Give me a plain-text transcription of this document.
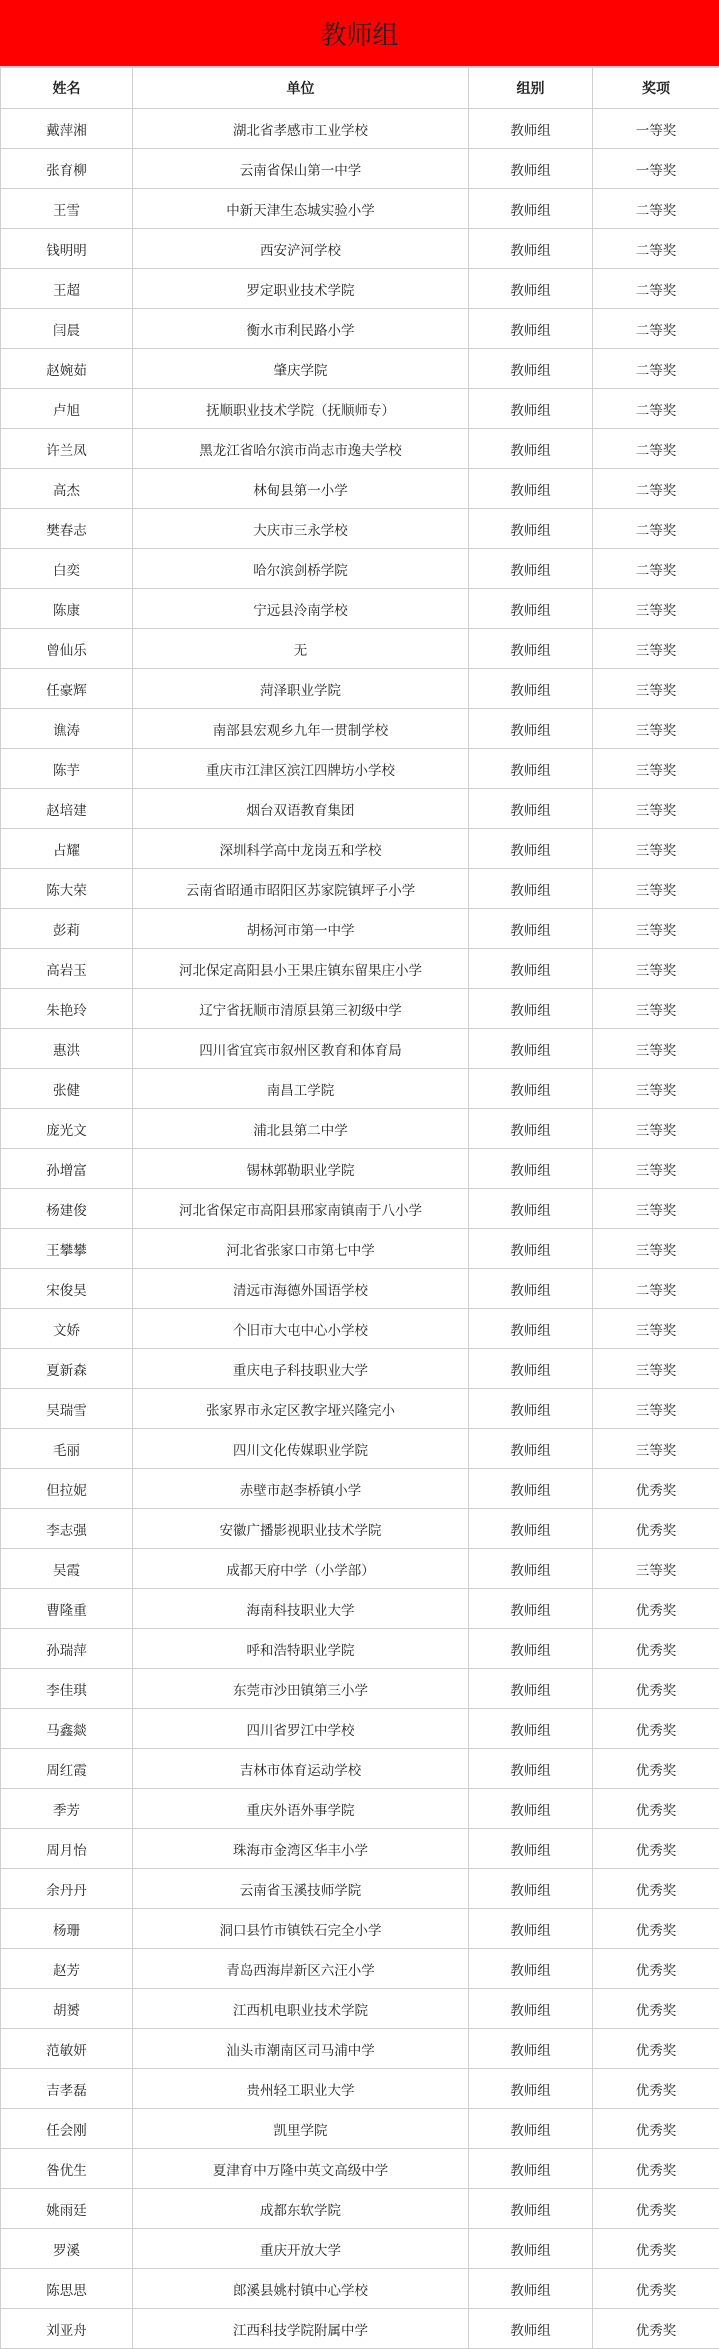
教师组
姓名	单位	组别	奖项
戴萍湘	湖北省孝感市工业学校	教师组	一等奖
张育柳	云南省保山第一中学	教师组	一等奖
王雪	中新天津生态城实验小学	教师组	二等奖
钱明明	西安浐河学校	教师组	二等奖
王超	罗定职业技术学院	教师组	二等奖
闫晨	衡水市利民路小学	教师组	二等奖
赵婉茹	肇庆学院	教师组	二等奖
卢旭	抚顺职业技术学院（抚顺师专）	教师组	二等奖
许兰凤	黑龙江省哈尔滨市尚志市逸夫学校	教师组	二等奖
高杰	林甸县第一小学	教师组	二等奖
樊春志	大庆市三永学校	教师组	二等奖
白奕	哈尔滨剑桥学院	教师组	二等奖
陈康	宁远县泠南学校	教师组	三等奖
曾仙乐	无	教师组	三等奖
任豪辉	菏泽职业学院	教师组	三等奖
谯涛	南部县宏观乡九年一贯制学校	教师组	三等奖
陈芋	重庆市江津区滨江四牌坊小学校	教师组	三等奖
赵培建	烟台双语教育集团	教师组	三等奖
占耀	深圳科学高中龙岗五和学校	教师组	三等奖
陈大荣	云南省昭通市昭阳区苏家院镇坪子小学	教师组	三等奖
彭莉	胡杨河市第一中学	教师组	三等奖
高岩玉	河北保定高阳县小王果庄镇东留果庄小学	教师组	三等奖
朱艳玲	辽宁省抚顺市清原县第三初级中学	教师组	三等奖
惠洪	四川省宜宾市叙州区教育和体育局	教师组	三等奖
张健	南昌工学院	教师组	三等奖
庞光文	浦北县第二中学	教师组	三等奖
孙增富	锡林郭勒职业学院	教师组	三等奖
杨建俊	河北省保定市高阳县邢家南镇南于八小学	教师组	三等奖
王攀攀	河北省张家口市第七中学	教师组	三等奖
宋俊昊	清远市海德外国语学校	教师组	二等奖
文娇	个旧市大屯中心小学校	教师组	三等奖
夏新森	重庆电子科技职业大学	教师组	三等奖
吴瑞雪	张家界市永定区教字垭兴隆完小	教师组	三等奖
毛丽	四川文化传媒职业学院	教师组	三等奖
但拉妮	赤壁市赵李桥镇小学	教师组	优秀奖
李志强	安徽广播影视职业技术学院	教师组	优秀奖
吴霞	成都天府中学（小学部）	教师组	三等奖
曹隆重	海南科技职业大学	教师组	优秀奖
孙瑞萍	呼和浩特职业学院	教师组	优秀奖
李佳琪	东莞市沙田镇第三小学	教师组	优秀奖
马鑫燚	四川省罗江中学校	教师组	优秀奖
周红霞	吉林市体育运动学校	教师组	优秀奖
季芳	重庆外语外事学院	教师组	优秀奖
周月怡	珠海市金湾区华丰小学	教师组	优秀奖
余丹丹	云南省玉溪技师学院	教师组	优秀奖
杨珊	洞口县竹市镇铁石完全小学	教师组	优秀奖
赵芳	青岛西海岸新区六汪小学	教师组	优秀奖
胡赟	江西机电职业技术学院	教师组	优秀奖
范敏妍	汕头市潮南区司马浦中学	教师组	优秀奖
吉孝磊	贵州轻工职业大学	教师组	优秀奖
任会刚	凯里学院	教师组	优秀奖
昝优生	夏津育中万隆中英文高级中学	教师组	优秀奖
姚雨廷	成都东软学院	教师组	优秀奖
罗溪	重庆开放大学	教师组	优秀奖
陈思思	郎溪县姚村镇中心学校	教师组	优秀奖
刘亚舟	江西科技学院附属中学	教师组	优秀奖
